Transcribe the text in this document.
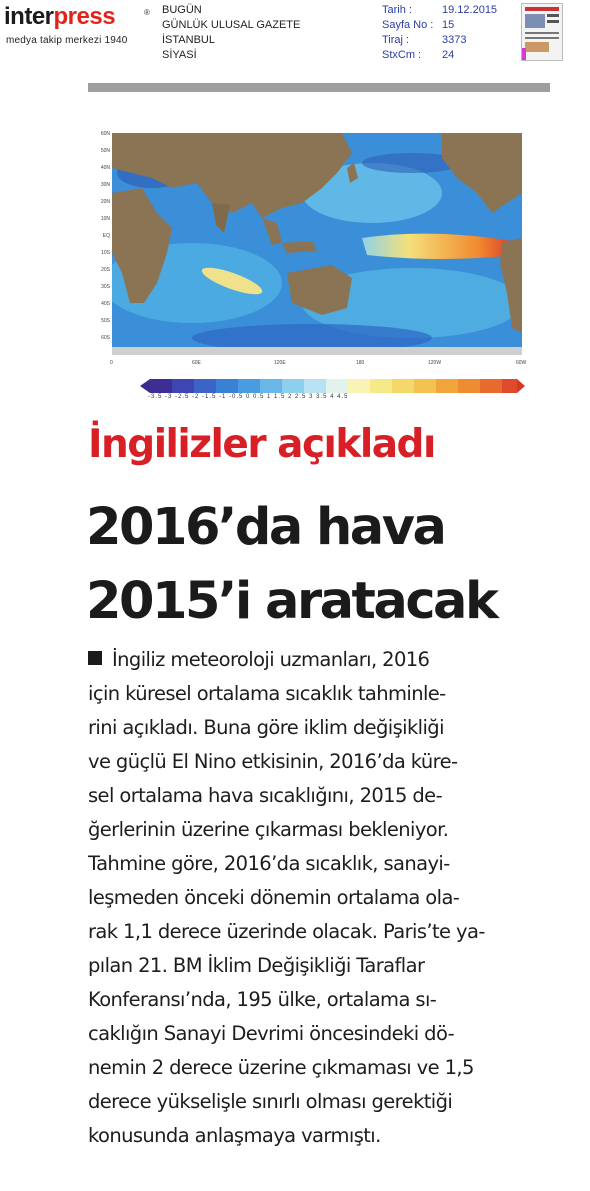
interpress	®
medya takip merkezi 1940
BUGÜN
GÜNLÜK ULUSAL GAZETE
İSTANBUL
SİYASİ
Tarih :	19.12.2015
Sayfa No : 15
Tiraj :	3373
StxCm :	24
60N
50N
40N
30N
20N
10N
EQ
10S
20S
30S
40S
50S
60S
0	60E	120E	180	120W	60W
-3.5 -3 -2.5 -2 -1.5 -1 -0.5 0 0.5 1 1.5 2 2.5 3 3.5 4 4.5
İngilizler açıkladı
2016’da hava
2015’i aratacak
İngiliz meteoroloji uzmanları, 2016
için küresel ortalama sıcaklık tahminle-
rini açıkladı. Buna göre iklim değişikliği
ve güçlü El Nino etkisinin, 2016’da küre-
sel ortalama hava sıcaklığını, 2015 de-
ğerlerinin üzerine çıkarması bekleniyor.
Tahmine göre, 2016’da sıcaklık, sanayi-
leşmeden önceki dönemin ortalama ola-
rak 1,1 derece üzerinde olacak. Paris’te ya-
pılan 21. BM İklim Değişikliği Taraflar
Konferansı’nda, 195 ülke, ortalama sı-
caklığın Sanayi Devrimi öncesindeki dö-
nemin 2 derece üzerine çıkmaması ve 1,5
derece yükselişle sınırlı olması gerektiği
konusunda anlaşmaya varmıştı.
